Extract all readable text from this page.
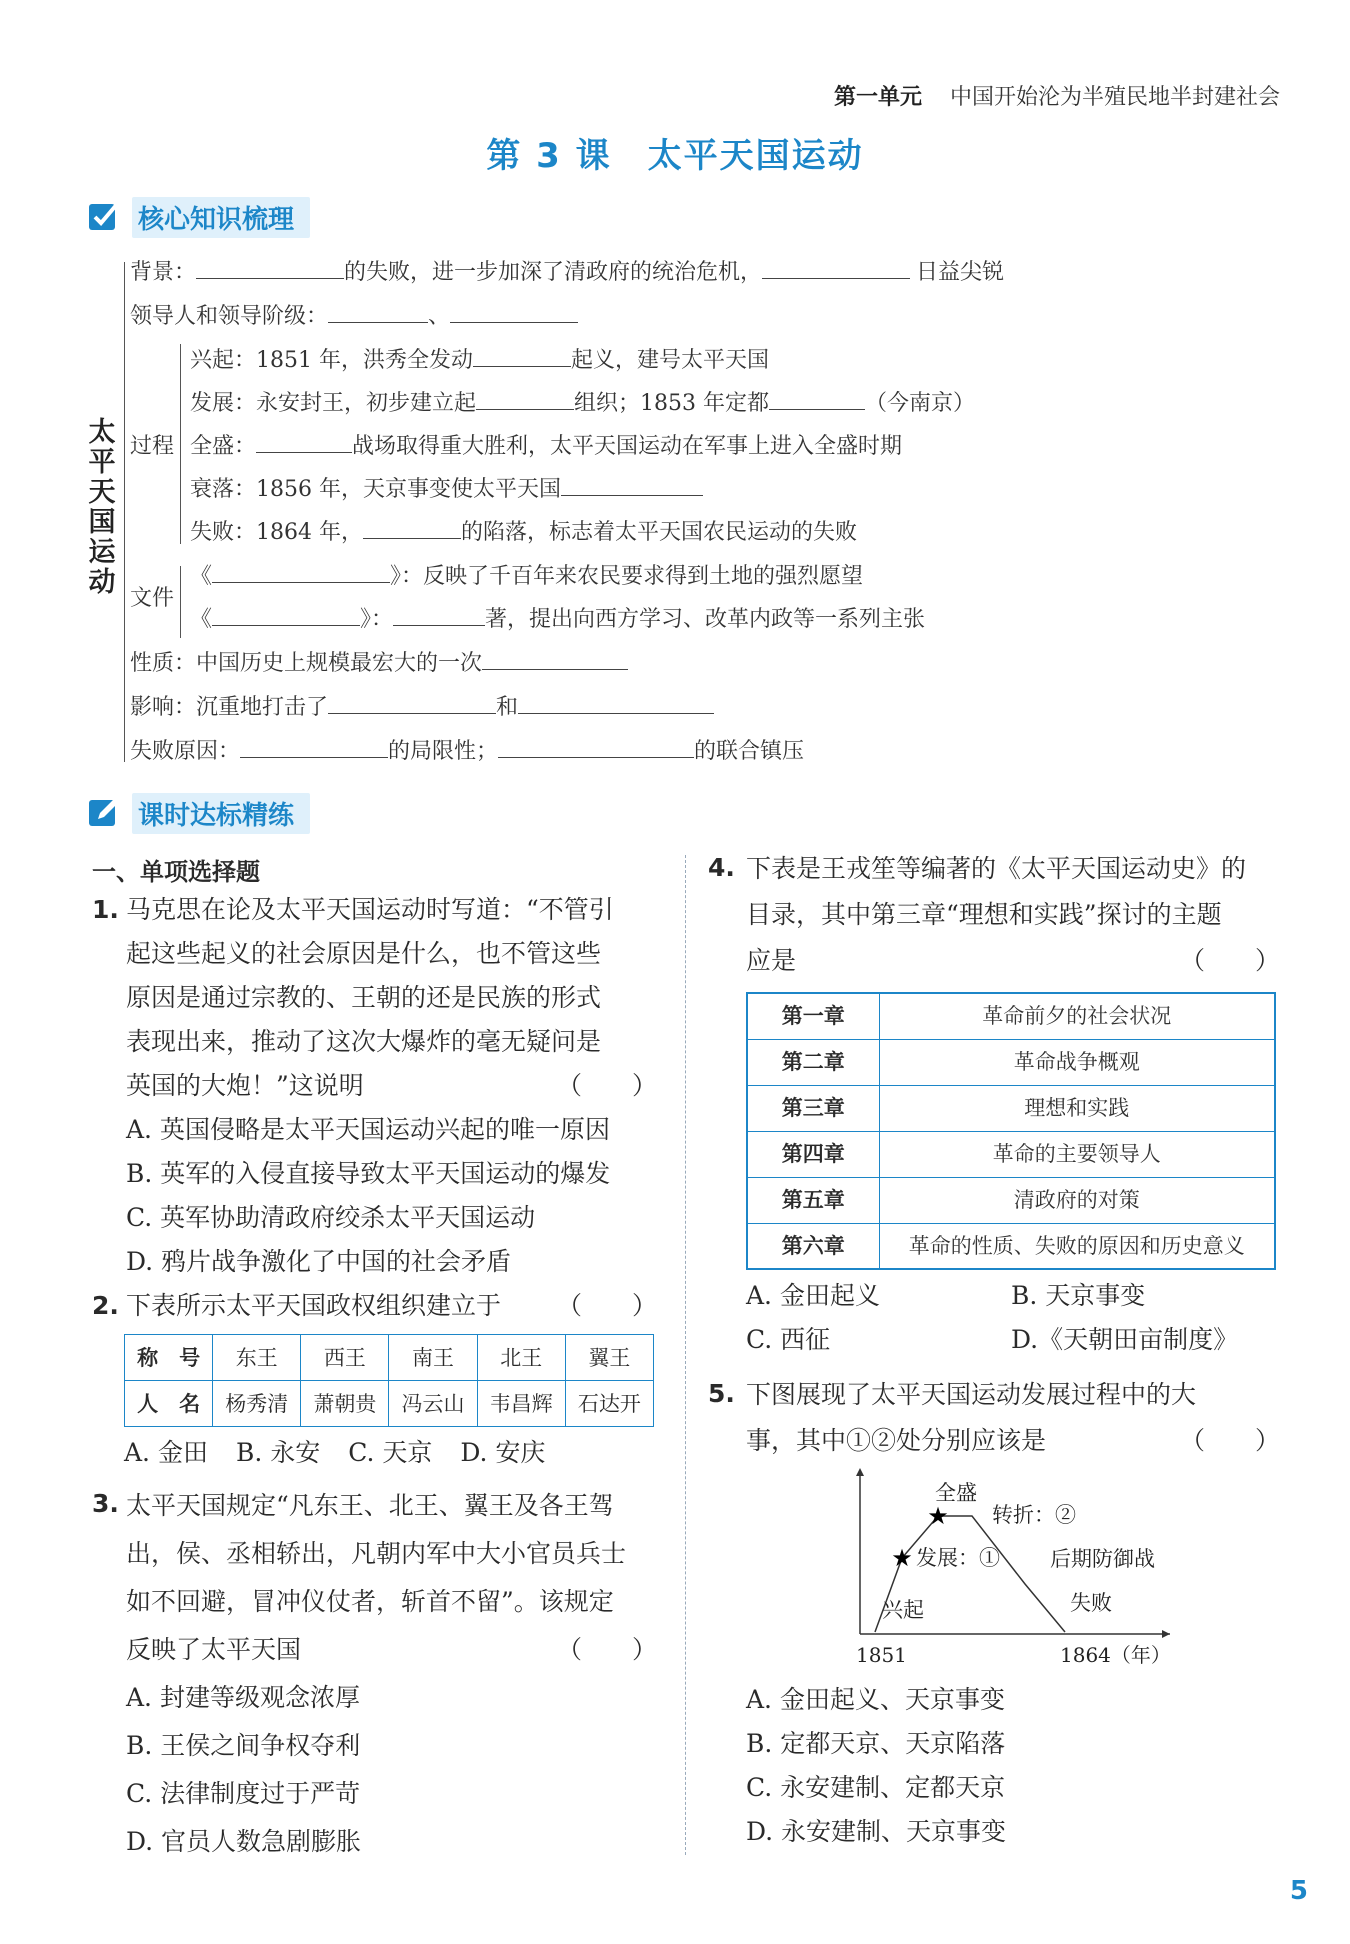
第一单元 中国开始沦为半殖民地半封建社会
第 3 课 太平天国运动
核心知识梳理
太
平
天
国
运
动
背景：	的失败，进一步加深了清政府的统治危机，	日益尖锐
领导人和领导阶级：	、
过程
兴起：1851 年，洪秀全发动	起义，建号太平天国
发展：永安封王，初步建立起	组织；1853 年定都	（今南京）
全盛：	战场取得重大胜利，太平天国运动在军事上进入全盛时期
衰落：1856 年，天京事变使太平天国
失败：1864 年，	的陷落，标志着太平天国农民运动的失败
文件
《	》：反映了千百年来农民要求得到土地的强烈愿望
《	》：	著，提出向西方学习、改革内政等一系列主张
性质：中国历史上规模最宏大的一次
影响：沉重地打击了	和
失败原因：	的局限性；	的联合镇压
课时达标精练
一、单项选择题
1. 马克思在论及太平天国运动时写道：“不管引
起这些起义的社会原因是什么，也不管这些
原因是通过宗教的、王朝的还是民族的形式
表现出来，推动了这次大爆炸的毫无疑问是
英国的大炮！”这说明	（　　）
A. 英国侵略是太平天国运动兴起的唯一原因
B. 英军的入侵直接导致太平天国运动的爆发
C. 英军协助清政府绞杀太平天国运动
D. 鸦片战争激化了中国的社会矛盾
2. 下表所示太平天国政权组织建立于 （　　）
称　号	东王	西王	南王	北王	翼王
人　名	杨秀清	萧朝贵	冯云山	韦昌辉	石达开
A. 金田 B. 永安 C. 天京 D. 安庆
3. 太平天国规定“凡东王、北王、翼王及各王驾
出，侯、丞相轿出，凡朝内军中大小官员兵士
如不回避，冒冲仪仗者，斩首不留”。该规定
反映了太平天国	（　　）
A. 封建等级观念浓厚
B. 王侯之间争权夺利
C. 法律制度过于严苛
D. 官员人数急剧膨胀
4. 下表是王戎笙等编著的《太平天国运动史》的
目录，其中第三章“理想和实践”探讨的主题
应是	（　　）
第一章	革命前夕的社会状况
第二章	革命战争概观
第三章	理想和实践
第四章	革命的主要领导人
第五章	清政府的对策
第六章	革命的性质、失败的原因和历史意义
A. 金田起义	B. 天京事变
C. 西征	D.《天朝田亩制度》
5. 下图展现了太平天国运动发展过程中的大
事，其中①②处分别应该是	（　　）
★
★
全盛
转折：②
发展：① 后期防御战
兴起	失败
1851	1864（年）
A. 金田起义、天京事变
B. 定都天京、天京陷落
C. 永安建制、定都天京
D. 永安建制、天京事变
5
